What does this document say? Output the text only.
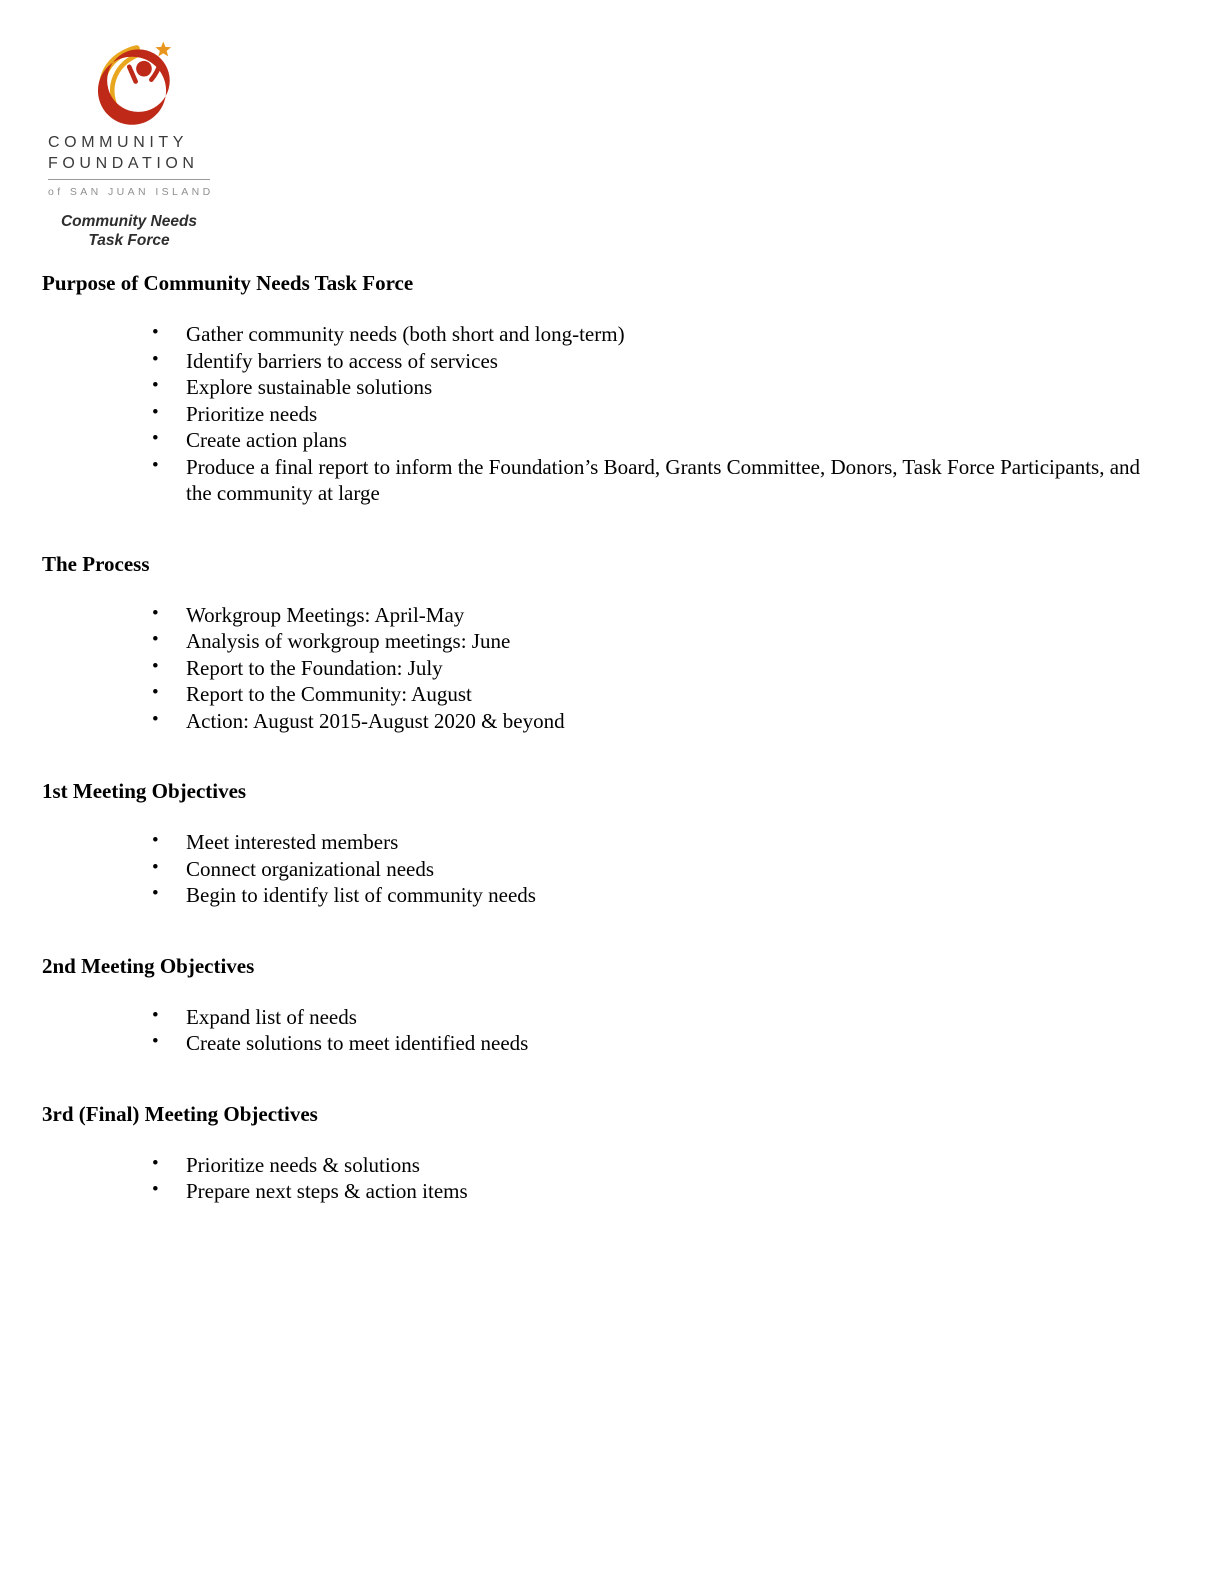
COMMUNITY
FOUNDATION
of SAN JUAN ISLAND
Community Needs
Task Force
Purpose of Community Needs Task Force
• Gather community needs (both short and long-term)
• Identify barriers to access of services
• Explore sustainable solutions
• Prioritize needs
• Create action plans
• Produce a final report to inform the Foundation’s Board, Grants Committee, Donors, Task Force Participants, and the community at large
The Process
• Workgroup Meetings: April-May
• Analysis of workgroup meetings: June
• Report to the Foundation: July
• Report to the Community: August
• Action: August 2015-August 2020 & beyond
1st Meeting Objectives
• Meet interested members
• Connect organizational needs
• Begin to identify list of community needs
2nd Meeting Objectives
• Expand list of needs
• Create solutions to meet identified needs
3rd (Final) Meeting Objectives
• Prioritize needs & solutions
• Prepare next steps & action items
